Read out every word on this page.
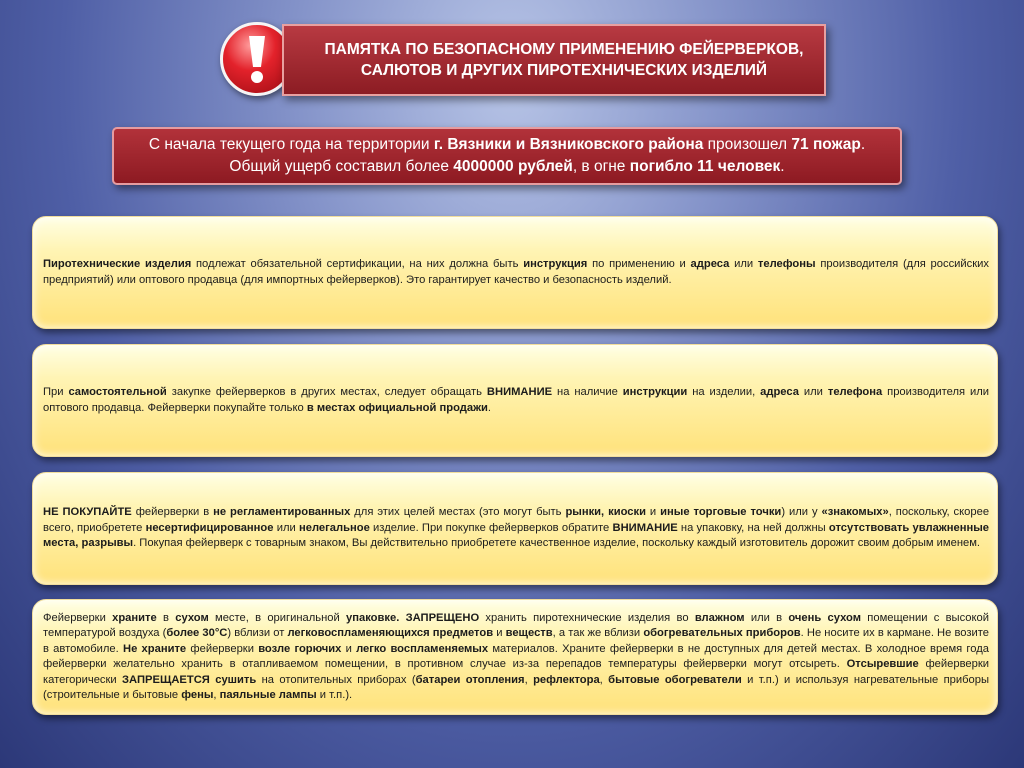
ПАМЯТКА ПО БЕЗОПАСНОМУ ПРИМЕНЕНИЮ ФЕЙЕРВЕРКОВ,
САЛЮТОВ И ДРУГИХ ПИРОТЕХНИЧЕСКИХ ИЗДЕЛИЙ
С начала текущего года на территории г. Вязники и Вязниковского района произошел 71 пожар. Общий ущерб составил более 4000000 рублей, в огне погибло 11 человек.

Пиротехнические изделия подлежат обязательной сертификации, на них должна быть инструкция по применению и адреса или телефоны производителя (для российских предприятий) или оптового продавца (для импортных фейерверков). Это гарантирует качество и безопасность изделий.

При самостоятельной закупке фейерверков в других местах, следует обращать ВНИМАНИЕ на наличие инструкции на изделии, адреса или телефона производителя или оптового продавца. Фейерверки покупайте только в местах официальной продажи.

НЕ ПОКУПАЙТЕ фейерверки в не регламентированных для этих целей местах (это могут быть рынки, киоски и иные торговые точки) или у «знакомых», поскольку, скорее всего, приобретете несертифицированное или нелегальное изделие. При покупке фейерверков обратите ВНИМАНИЕ на упаковку, на ней должны отсутствовать увлажненные места, разрывы. Покупая фейерверк с товарным знаком, Вы действительно приобретете качественное изделие, поскольку каждый изготовитель дорожит своим добрым именем.

Фейерверки храните в сухом месте, в оригинальной упаковке. ЗАПРЕЩЕНО хранить пиротехнические изделия во влажном или в очень сухом помещении с высокой температурой воздуха (более 30°С) вблизи от легковоспламеняющихся предметов и веществ, а так же вблизи обогревательных приборов. Не носите их в кармане. Не возите в автомобиле. Не храните фейерверки возле горючих и легко воспламеняемых материалов. Храните фейерверки в не доступных для детей местах. В холодное время года фейерверки желательно хранить в отапливаемом помещении, в противном случае из-за перепадов температуры фейерверки могут отсыреть. Отсыревшие фейерверки категорически ЗАПРЕЩАЕТСЯ сушить на отопительных приборах (батареи отопления, рефлектора, бытовые обогреватели и т.п.) и используя нагревательные приборы (строительные и бытовые фены, паяльные лампы и т.п.).
